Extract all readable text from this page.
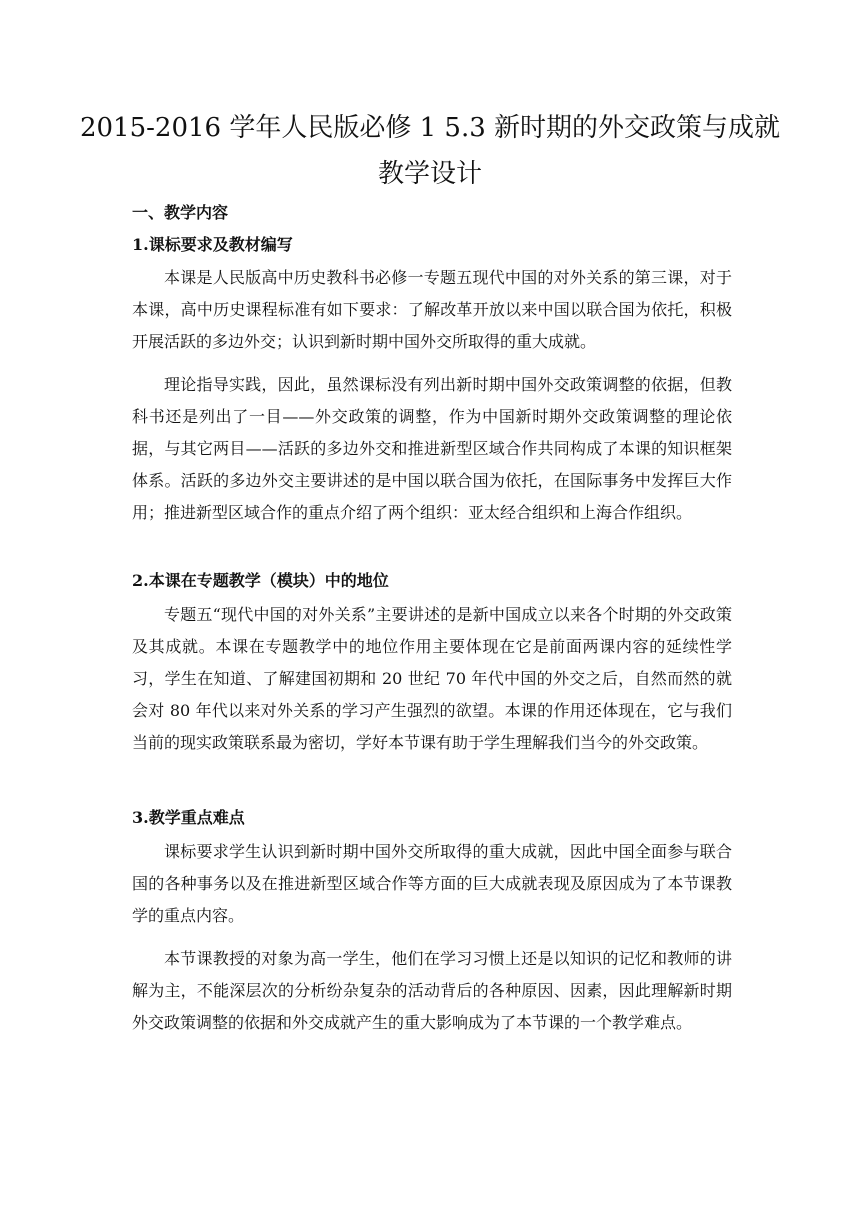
2015-2016 学年人民版必修 1 5.3 新时期的外交政策与成就
教学设计
一、教学内容
1.课标要求及教材编写
本课是人民版高中历史教科书必修一专题五现代中国的对外关系的第三课，对于本课，高中历史课程标准有如下要求：了解改革开放以来中国以联合国为依托，积极开展活跃的多边外交；认识到新时期中国外交所取得的重大成就。
理论指导实践，因此，虽然课标没有列出新时期中国外交政策调整的依据，但教科书还是列出了一目——外交政策的调整，作为中国新时期外交政策调整的理论依据，与其它两目——活跃的多边外交和推进新型区域合作共同构成了本课的知识框架体系。活跃的多边外交主要讲述的是中国以联合国为依托，在国际事务中发挥巨大作用；推进新型区域合作的重点介绍了两个组织：亚太经合组织和上海合作组织。
2.本课在专题教学（模块）中的地位
专题五“现代中国的对外关系”主要讲述的是新中国成立以来各个时期的外交政策及其成就。本课在专题教学中的地位作用主要体现在它是前面两课内容的延续性学习，学生在知道、了解建国初期和 20 世纪 70 年代中国的外交之后，自然而然的就会对 80 年代以来对外关系的学习产生强烈的欲望。本课的作用还体现在，它与我们当前的现实政策联系最为密切，学好本节课有助于学生理解我们当今的外交政策。
3.教学重点难点
课标要求学生认识到新时期中国外交所取得的重大成就，因此中国全面参与联合国的各种事务以及在推进新型区域合作等方面的巨大成就表现及原因成为了本节课教学的重点内容。
本节课教授的对象为高一学生，他们在学习习惯上还是以知识的记忆和教师的讲解为主，不能深层次的分析纷杂复杂的活动背后的各种原因、因素，因此理解新时期外交政策调整的依据和外交成就产生的重大影响成为了本节课的一个教学难点。
